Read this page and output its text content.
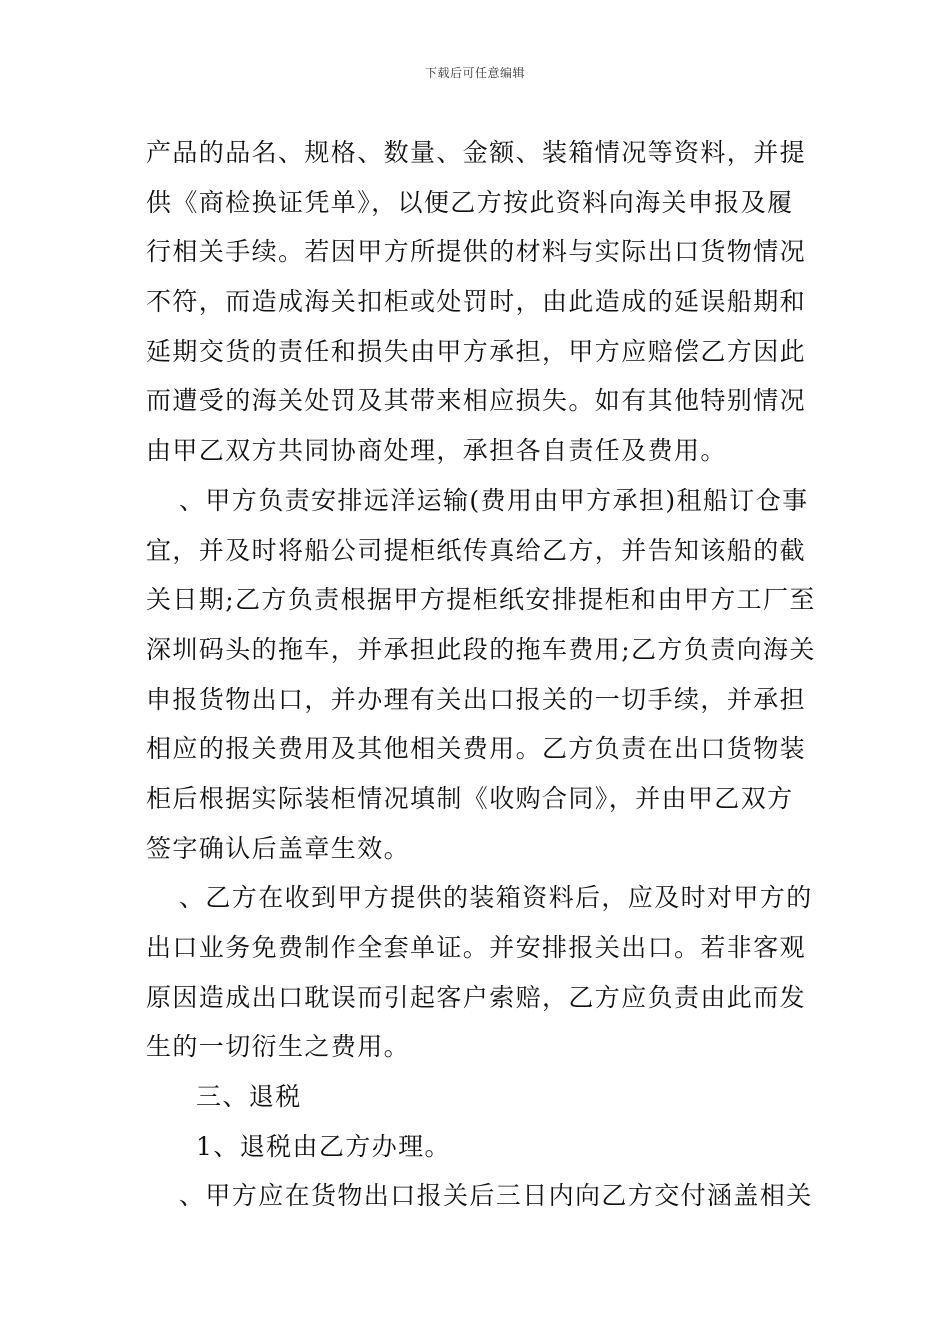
下载后可任意编辑
产品的品名、规格、数量、金额、装箱情况等资料，并提
供《商检换证凭单》，以便乙方按此资料向海关申报及履
行相关手续。若因甲方所提供的材料与实际出口货物情况
不符，而造成海关扣柜或处罚时，由此造成的延误船期和
延期交货的责任和损失由甲方承担，甲方应赔偿乙方因此
而遭受的海关处罚及其带来相应损失。如有其他特别情况
由甲乙双方共同协商处理，承担各自责任及费用。
、甲方负责安排远洋运输(费用由甲方承担)租船订仓事
宜，并及时将船公司提柜纸传真给乙方，并告知该船的截
关日期;乙方负责根据甲方提柜纸安排提柜和由甲方工厂至
深圳码头的拖车，并承担此段的拖车费用;乙方负责向海关
申报货物出口，并办理有关出口报关的一切手续，并承担
相应的报关费用及其他相关费用。乙方负责在出口货物装
柜后根据实际装柜情况填制《收购合同》，并由甲乙双方
签字确认后盖章生效。
、乙方在收到甲方提供的装箱资料后，应及时对甲方的
出口业务免费制作全套单证。并安排报关出口。若非客观
原因造成出口耽误而引起客户索赔，乙方应负责由此而发
生的一切衍生之费用。
三、退税
1、退税由乙方办理。
、甲方应在货物出口报关后三日内向乙方交付涵盖相关
